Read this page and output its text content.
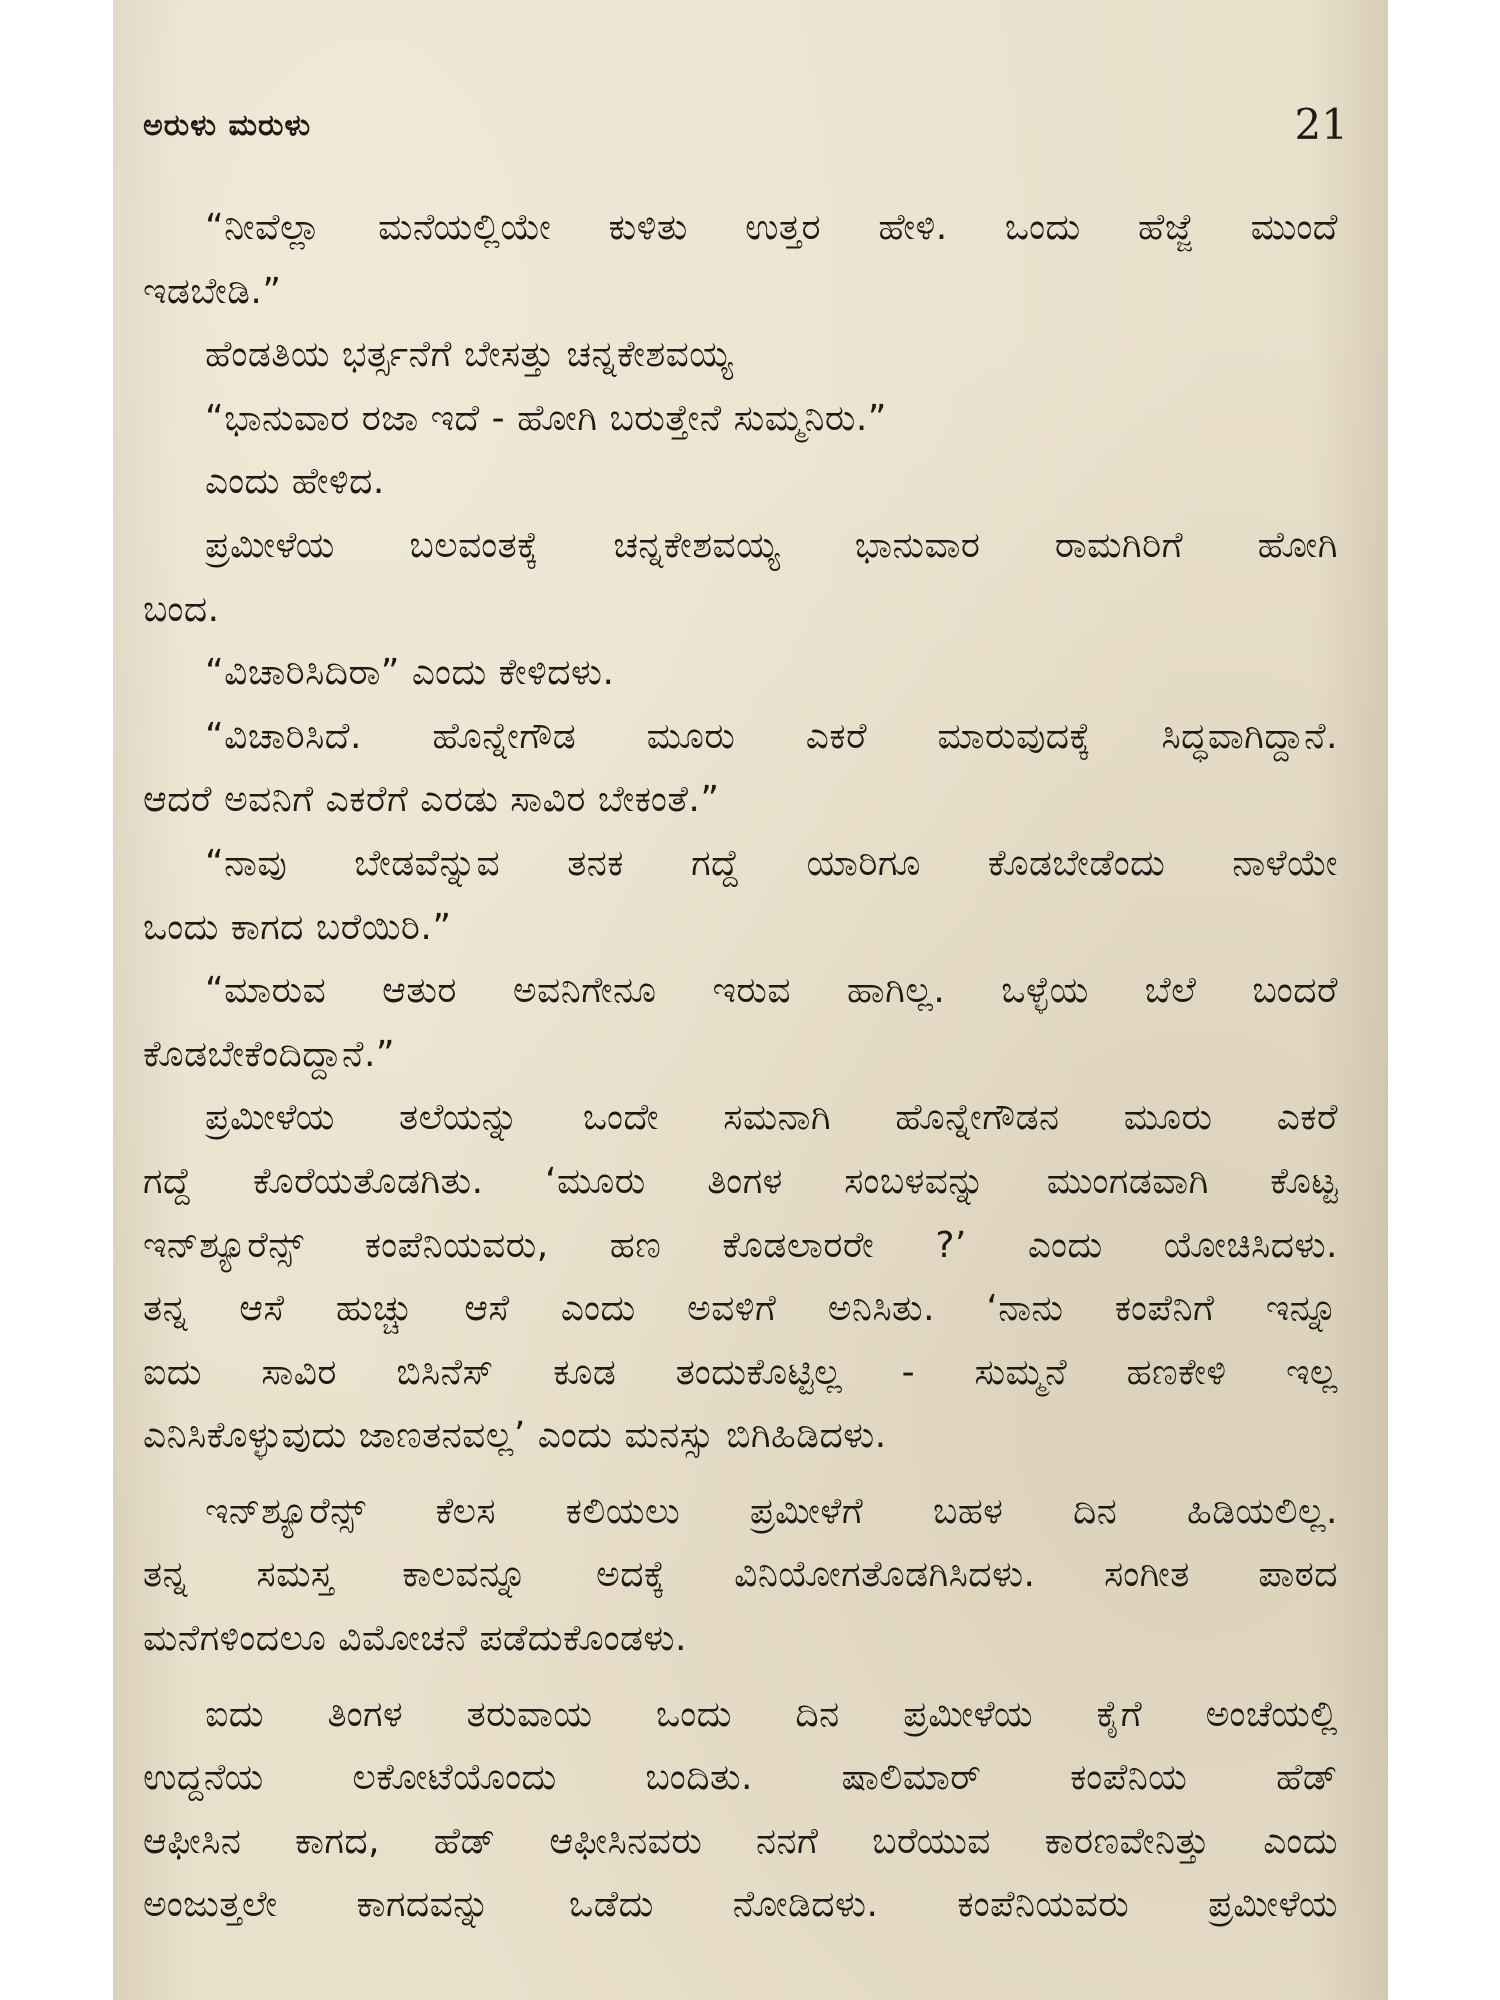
ಅರುಳು ಮರುಳು	21
“ನೀವೆಲ್ಲಾ ಮನೆಯಲ್ಲಿಯೇ ಕುಳಿತು ಉತ್ತರ ಹೇಳಿ. ಒಂದು ಹೆಜ್ಜೆ ಮುಂದೆ
ಇಡಬೇಡಿ.”
ಹೆಂಡತಿಯ ಭರ್ತ್ಸನೆಗೆ ಬೇಸತ್ತು ಚನ್ನಕೇಶವಯ್ಯ
“ಭಾನುವಾರ ರಜಾ ಇದೆ - ಹೋಗಿ ಬರುತ್ತೇನೆ ಸುಮ್ಮನಿರು.”
ಎಂದು ಹೇಳಿದ.
ಪ್ರಮೀಳೆಯ ಬಲವಂತಕ್ಕೆ ಚನ್ನಕೇಶವಯ್ಯ ಭಾನುವಾರ ರಾಮಗಿರಿಗೆ ಹೋಗಿ
ಬಂದ.
“ವಿಚಾರಿಸಿದಿರಾ” ಎಂದು ಕೇಳಿದಳು.
“ವಿಚಾರಿಸಿದೆ. ಹೊನ್ನೇಗೌಡ ಮೂರು ಎಕರೆ ಮಾರುವುದಕ್ಕೆ ಸಿದ್ಧವಾಗಿದ್ದಾನೆ.
ಆದರೆ ಅವನಿಗೆ ಎಕರೆಗೆ ಎರಡು ಸಾವಿರ ಬೇಕಂತೆ.”
“ನಾವು ಬೇಡವೆನ್ನುವ ತನಕ ಗದ್ದೆ ಯಾರಿಗೂ ಕೊಡಬೇಡೆಂದು ನಾಳೆಯೇ
ಒಂದು ಕಾಗದ ಬರೆಯಿರಿ.”
“ಮಾರುವ ಆತುರ ಅವನಿಗೇನೂ ಇರುವ ಹಾಗಿಲ್ಲ. ಒಳ್ಳೆಯ ಬೆಲೆ ಬಂದರೆ
ಕೊಡಬೇಕೆಂದಿದ್ದಾನೆ.”
ಪ್ರಮೀಳೆಯ ತಲೆಯನ್ನು ಒಂದೇ ಸಮನಾಗಿ ಹೊನ್ನೇಗೌಡನ ಮೂರು ಎಕರೆ
ಗದ್ದೆ ಕೊರೆಯತೊಡಗಿತು. ‘ಮೂರು ತಿಂಗಳ ಸಂಬಳವನ್ನು ಮುಂಗಡವಾಗಿ ಕೊಟ್ಟ
ಇನ್‌ಶ್ಯೂರೆನ್ಸ್ ಕಂಪೆನಿಯವರು, ಹಣ ಕೊಡಲಾರರೇ ?’ ಎಂದು ಯೋಚಿಸಿದಳು.
ತನ್ನ ಆಸೆ ಹುಚ್ಚು ಆಸೆ ಎಂದು ಅವಳಿಗೆ ಅನಿಸಿತು. ‘ನಾನು ಕಂಪೆನಿಗೆ ಇನ್ನೂ
ಐದು ಸಾವಿರ ಬಿಸಿನೆಸ್ ಕೂಡ ತಂದುಕೊಟ್ಟಿಲ್ಲ - ಸುಮ್ಮನೆ ಹಣಕೇಳಿ ಇಲ್ಲ
ಎನಿಸಿಕೊಳ್ಳುವುದು ಜಾಣತನವಲ್ಲ’ ಎಂದು ಮನಸ್ಸು ಬಿಗಿಹಿಡಿದಳು.
ಇನ್‌ಶ್ಯೂರೆನ್ಸ್ ಕೆಲಸ ಕಲಿಯಲು ಪ್ರಮೀಳೆಗೆ ಬಹಳ ದಿನ ಹಿಡಿಯಲಿಲ್ಲ.
ತನ್ನ ಸಮಸ್ತ ಕಾಲವನ್ನೂ ಅದಕ್ಕೆ ವಿನಿಯೋಗತೊಡಗಿಸಿದಳು. ಸಂಗೀತ ಪಾಠದ
ಮನೆಗಳಿಂದಲೂ ವಿಮೋಚನೆ ಪಡೆದುಕೊಂಡಳು.
ಐದು ತಿಂಗಳ ತರುವಾಯ ಒಂದು ದಿನ ಪ್ರಮೀಳೆಯ ಕೈಗೆ ಅಂಚೆಯಲ್ಲಿ
ಉದ್ದನೆಯ ಲಕೋಟೆಯೊಂದು ಬಂದಿತು. ಷಾಲಿಮಾರ್ ಕಂಪೆನಿಯ ಹೆಡ್
ಆಫೀಸಿನ ಕಾಗದ, ಹೆಡ್ ಆಫೀಸಿನವರು ನನಗೆ ಬರೆಯುವ ಕಾರಣವೇನಿತ್ತು ಎಂದು
ಅಂಜುತ್ತಲೇ ಕಾಗದವನ್ನು ಒಡೆದು ನೋಡಿದಳು. ಕಂಪೆನಿಯವರು ಪ್ರಮೀಳೆಯ
